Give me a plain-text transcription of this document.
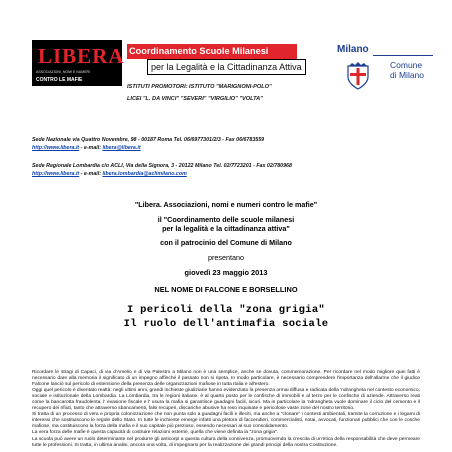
LIBERA
ASSOCIAZIONI, NOMI E NUMERI
CONTRO LE MAFIE
Coordinamento Scuole Milanesi
per la Legalità e la Cittadinanza Attiva
ISTITUTI PROMOTORI: ISTITUTO "MARIGNONI-POLO"
LICEI "L. DA VINCI" "SEVERI" "VIRGILIO" "VOLTA"
Milano
Comune
di Milano
Sede Nazionale via Quattro Novembre, 98 - 00187 Roma Tel. 06/6977301/2/3 - Fax 06/6783559
http://www.libera.it - e-mail: libera@libera.it
Sede Regionale Lombardia c/o ACLI, Via della Signora, 3 - 20122 Milano Tel. 02/7723201 - Fax 02/780968
http://www.libera.it - e-mail: libera.lombardia@aclimilano.com
"Libera. Associazioni, nomi e numeri contro le mafie"
il "Coordinamento delle scuole milanesi
per la legalità e la cittadinanza attiva"
con il patrocinio del Comune di Milano
presentano
giovedì 23 maggio 2013
NEL NOME DI FALCONE E BORSELLINO
I pericoli della "zona grigia"
Il ruolo dell'antimafia sociale

Ricordare le stragi di Capaci, di via d'Amelio e di via Palestro a Milano non è una semplice, anche se dovuta, commemorazione. Per ricordare nel modo migliore quei fatti è necessario dare alla memoria il significato di un impegno affinché il passato non si ripeta. In modo particolare, è necessario comprendere l'importanza dell'allarme che il giudice Falcone lanciò sul pericolo di estensione della presenza delle organizzazioni mafiose in tutta Italia e all'estero.

Oggi quel pericolo è diventato realtà: negli ultimi anni, grandi inchieste giudiziarie hanno evidenziato la presenza ormai diffusa e radicata della 'ndrangheta nel contesto economico, sociale e istituzionale della Lombardia. La Lombardia, tra le regioni italiane, è al quarto posto per le confische di immobili e al terzo per le confische di aziende. Attraverso reati come la bancarotta fraudolenta, l' evasione fiscale e l' usura la mafia si garantisce guadagni facili, sicuri. Ma in particolare la 'ndrangheta vuole dominare il ciclo del cemento e il recupero dei rifiuti, tanto che attraverso sbancamenti, falsi recuperi, discariche abusive ha reso inquinate e pericolose vaste zone del nostro territorio.

Si tratta di un processo di vera e propria colonizzazione che non punta solo a guadagni facili e illeciti, ma anche a "clonare" i contesti ambientali, tramite la corruzione e i legami di interessi che sostituiscono le regole dello Stato. In tutte le inchieste emerge infatti una pletora di faccendieri, commercialisti, notai, avvocati, funzionari pubblici che con le cosche mafiose, ma costituiscono la forza della mafia e il suo capitale più prezioso, essendo necessari al suo consolidamento.

La vera forza delle mafie è questa capacità di costruire relazioni esterne, quella che viene definita la "zona grigia".

La scuola può avere un ruolo determinante nel produrre gli anticorpi a questa cultura della connivenza, promuovendo la crescita di un'etica della responsabilità che deve permeare tutte le professioni. Si tratta, in ultima analisi, ancora una volta, di impegnarsi per la realizzazione dei grandi principi della nostra Costituzione.
